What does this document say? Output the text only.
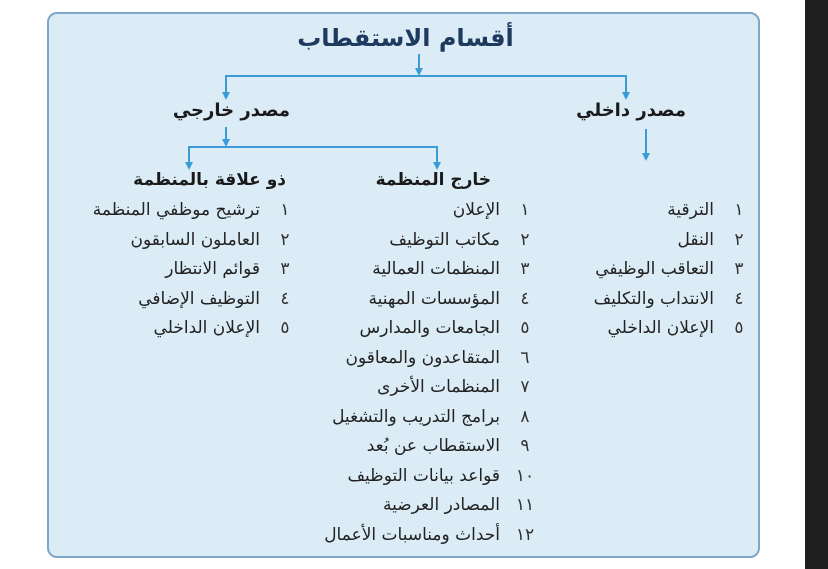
أقسام الاستقطاب
مصدر داخلي
مصدر خارجي
خارج المنظمة
ذو علاقة بالمنظمة
١
الترقية
٢
النقل
٣
التعاقب الوظيفي
٤
الانتداب والتكليف
٥
الإعلان الداخلي
١
الإعلان
٢
مكاتب التوظيف
٣
المنظمات العمالية
٤
المؤسسات المهنية
٥
الجامعات والمدارس
٦
المتقاعدون والمعاقون
٧
المنظمات الأخرى
٨
برامج التدريب والتشغيل
٩
الاستقطاب عن بُعد
١٠
قواعد بيانات التوظيف
١١
المصادر العرضية
١٢
أحداث ومناسبات الأعمال
١
ترشيح موظفي المنظمة
٢
العاملون السابقون
٣
قوائم الانتظار
٤
التوظيف الإضافي
٥
الإعلان الداخلي
